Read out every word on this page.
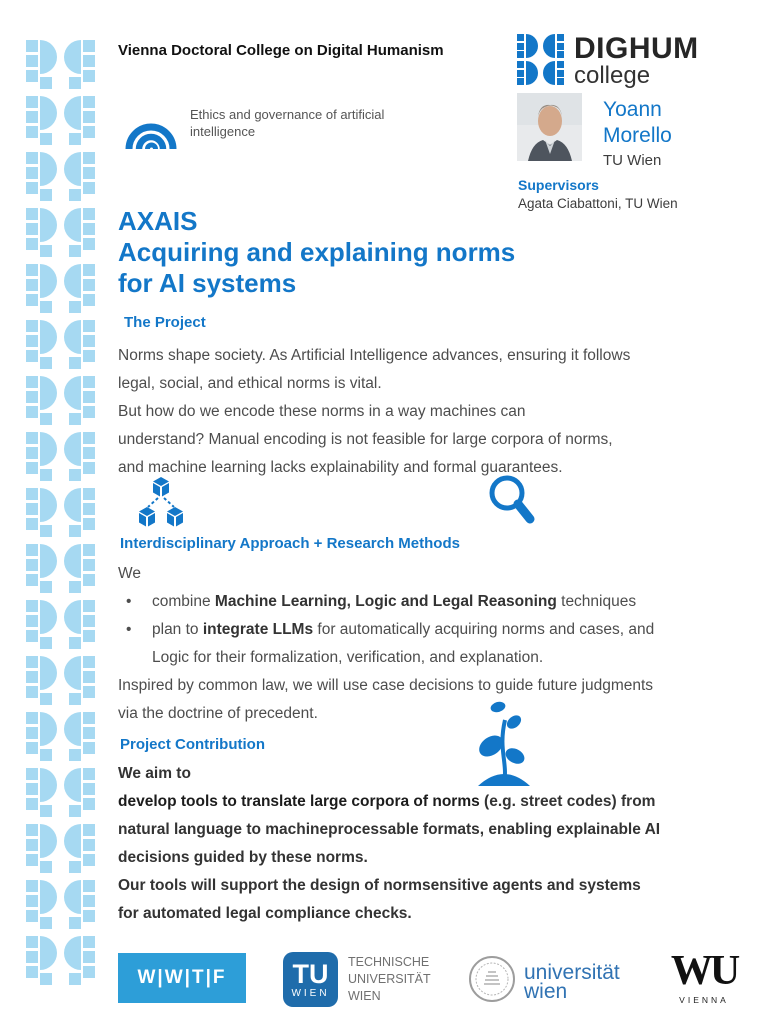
Vienna Doctoral College on Digital Humanism
Ethics and governance of artificial
intelligence
DIGHUM
college
Yoann
Morello
TU Wien
Supervisors
Agata Ciabattoni, TU Wien
AXAIS
Acquiring and explaining norms
for AI systems
The Project
Norms shape society. As Artificial Intelligence advances, ensuring it follows
legal, social, and ethical norms is vital.
But how do we encode these norms in a way machines can
understand? Manual encoding is not feasible for large corpora of norms,
and machine learning lacks explainability and formal guarantees.
Interdisciplinary Approach + Research Methods
We
•	combine Machine Learning, Logic and Legal Reasoning techniques
•	plan to integrate LLMs for automatically acquiring norms and cases, and
Logic for their formalization, verification, and explanation.
Inspired by common law, we will use case decisions to guide future judgments
via the doctrine of precedent.
Project Contribution
We aim to
develop tools to translate large corpora of norms (e.g. street codes) from
natural language to machineprocessable formats, enabling explainable AI
decisions guided by these norms.
Our tools will support the design of normsensitive agents and systems
for automated legal compliance checks.
W|W|T|F	TU
WIEN
TECHNISCHE
UNIVERSITÄT
WIEN
universität
wien	WU
VIENNA
